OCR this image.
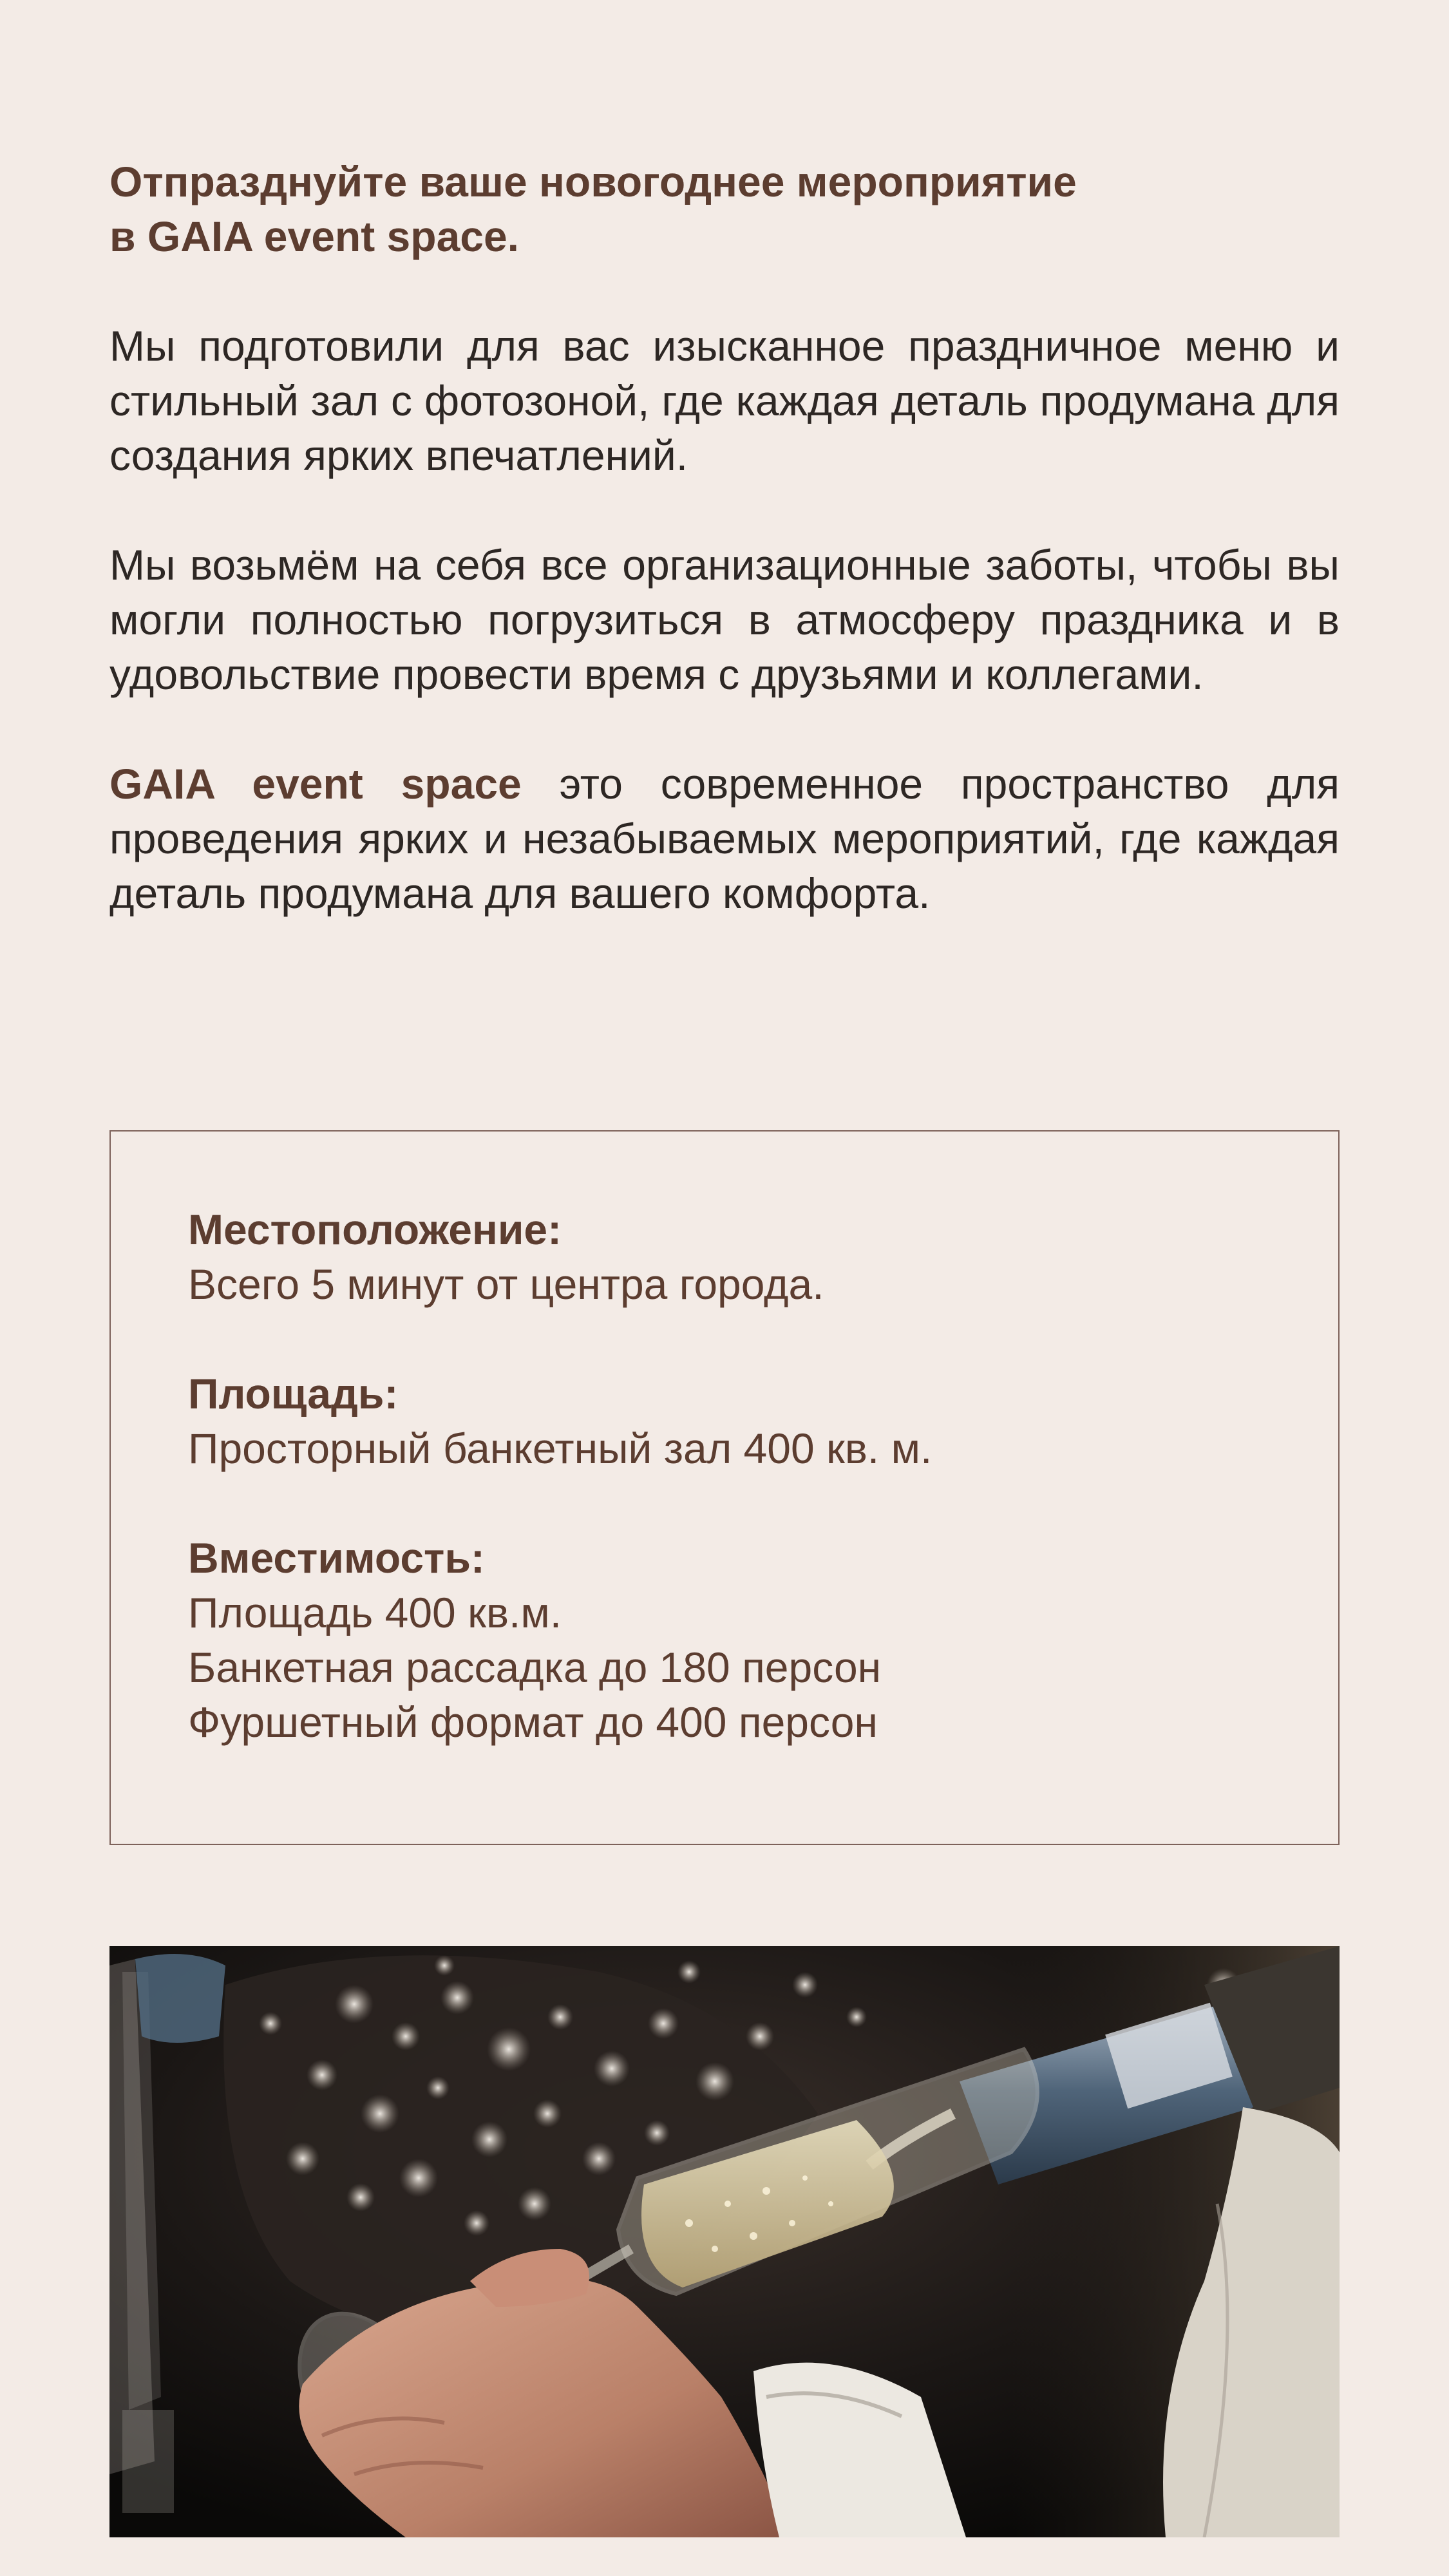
Отпразднуйте ваше новогоднее мероприятие
в GAIA event space.

Мы подготовили для вас изысканное праздничное меню и стильный зал с фотозоной, где каждая деталь продумана для создания ярких впечатлений.

Мы возьмём на себя все организационные заботы, чтобы вы могли полностью погрузиться в атмосферу праздника и в удовольствие провести время с друзьями и коллегами.

GAIA event space это современное пространство для проведения ярких и незабываемых мероприятий, где каждая деталь продумана для вашего комфорта.

Местоположение:
Всего 5 минут от центра города.
Площадь:
Просторный банкетный зал 400 кв. м.
Вместимость:
Площадь 400 кв.м.
Банкетная рассадка до 180 персон
Фуршетный формат до 400 персон
